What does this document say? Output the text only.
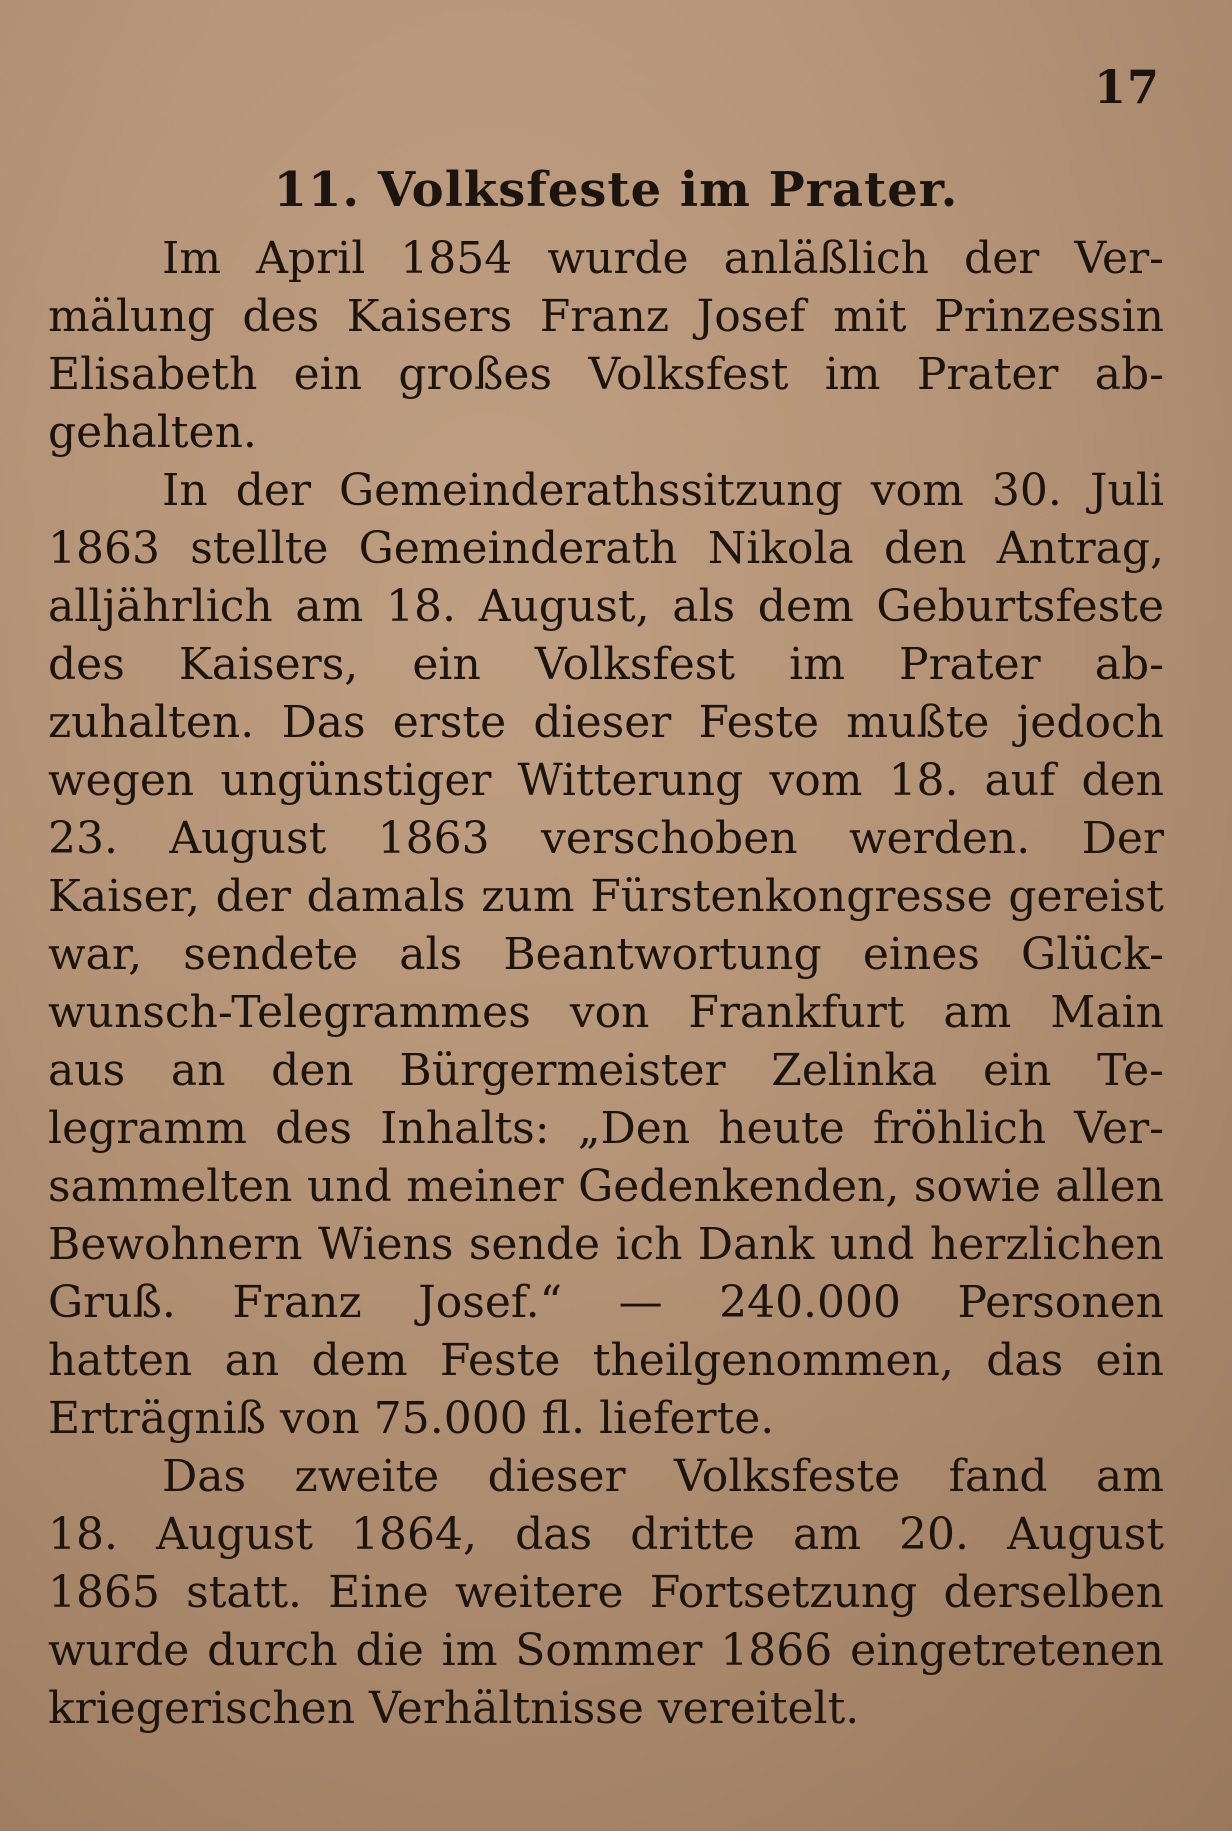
17
11. Volksfeste im Prater.
Im April 1854 wurde anläßlich der Ver-
mälung des Kaisers Franz Josef mit Prinzessin
Elisabeth ein großes Volksfest im Prater ab-
gehalten.
In der Gemeinderathssitzung vom 30. Juli
1863 stellte Gemeinderath Nikola den Antrag,
alljährlich am 18. August, als dem Geburtsfeste
des Kaisers, ein Volksfest im Prater ab-
zuhalten. Das erste dieser Feste mußte jedoch
wegen ungünstiger Witterung vom 18. auf den
23. August 1863 verschoben werden. Der
Kaiser, der damals zum Fürstenkongresse gereist
war, sendete als Beantwortung eines Glück-
wunsch-Telegrammes von Frankfurt am Main
aus an den Bürgermeister Zelinka ein Te-
legramm des Inhalts: „Den heute fröhlich Ver-
sammelten und meiner Gedenkenden, sowie allen
Bewohnern Wiens sende ich Dank und herzlichen
Gruß. Franz Josef.“ — 240.000 Personen
hatten an dem Feste theilgenommen, das ein
Erträgniß von 75.000 fl. lieferte.
Das zweite dieser Volksfeste fand am
18. August 1864, das dritte am 20. August
1865 statt. Eine weitere Fortsetzung derselben
wurde durch die im Sommer 1866 eingetretenen
kriegerischen Verhältnisse vereitelt.
